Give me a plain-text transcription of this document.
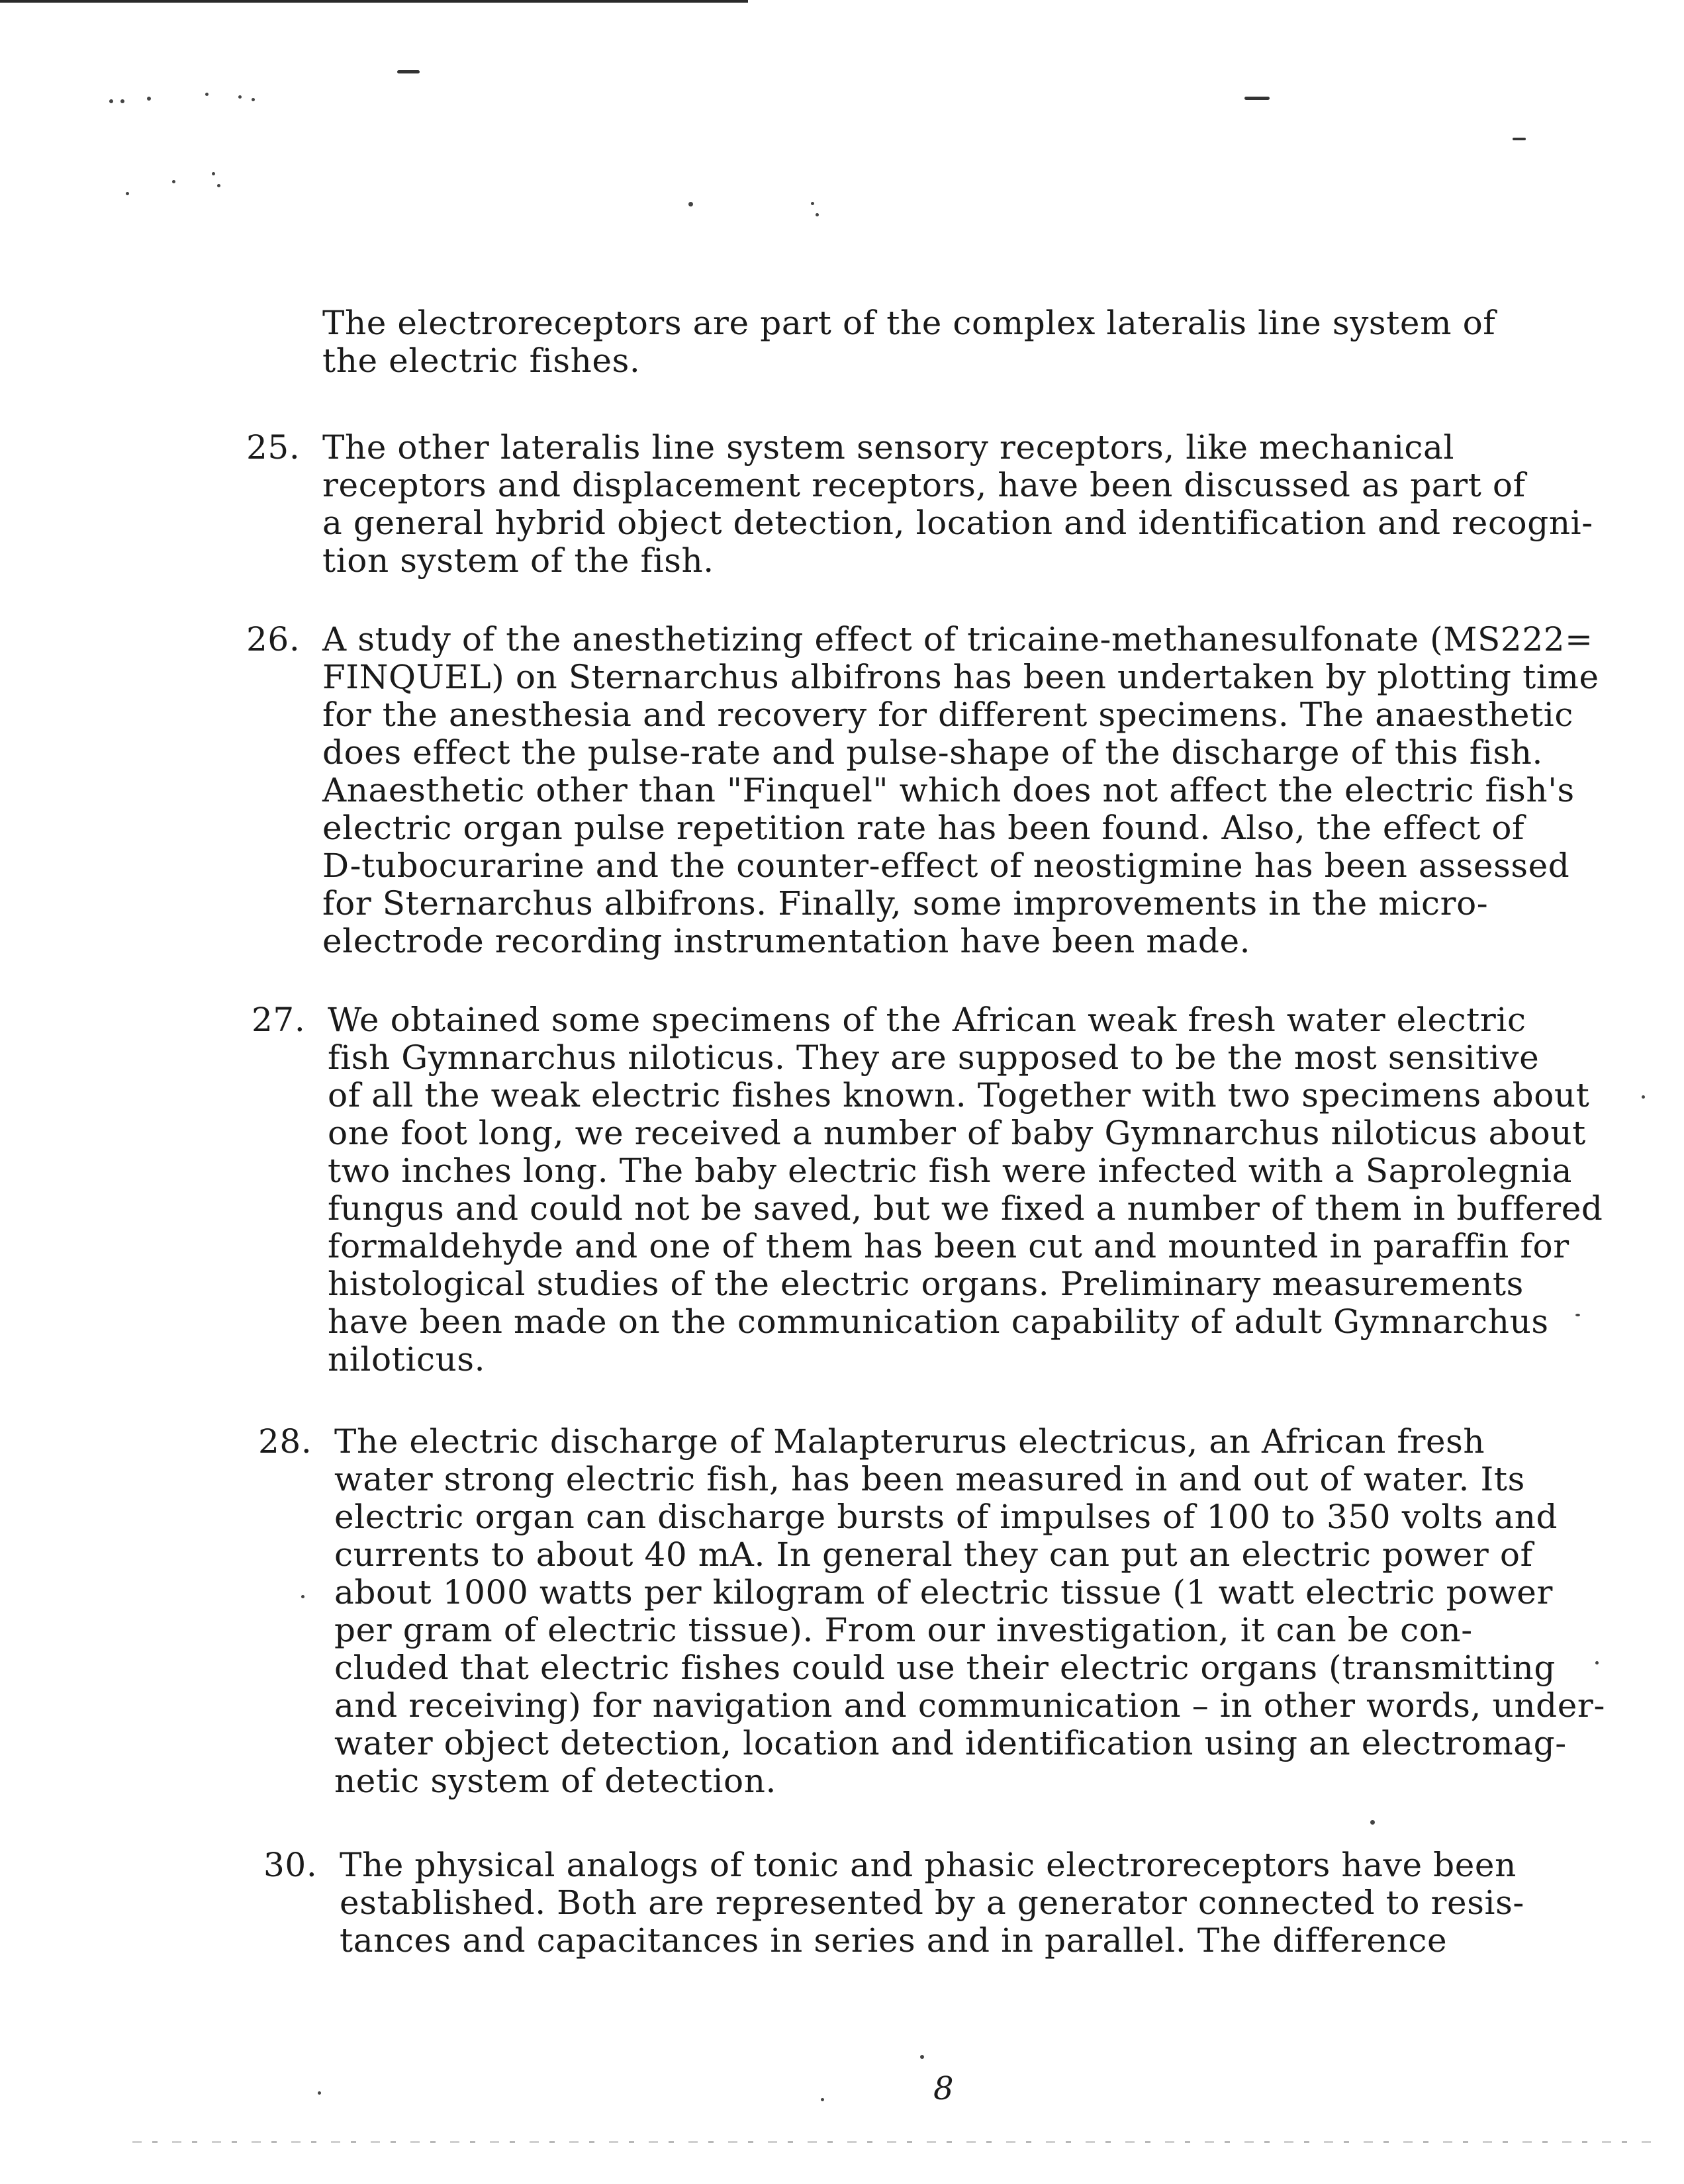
The electroreceptors are part of the complex lateralis line system of
the electric fishes.
25. The other lateralis line system sensory receptors, like mechanical
receptors and displacement receptors, have been discussed as part of
a general hybrid object detection, location and identification and recogni-
tion system of the fish.
26. A study of the anesthetizing effect of tricaine-methanesulfonate (MS222=
FINQUEL) on Sternarchus albifrons has been undertaken by plotting time
for the anesthesia and recovery for different specimens. The anaesthetic
does effect the pulse-rate and pulse-shape of the discharge of this fish.
Anaesthetic other than "Finquel" which does not affect the electric fish's
electric organ pulse repetition rate has been found. Also, the effect of
D-tubocurarine and the counter-effect of neostigmine has been assessed
for Sternarchus albifrons. Finally, some improvements in the micro-
electrode recording instrumentation have been made.
27. We obtained some specimens of the African weak fresh water electric
fish Gymnarchus niloticus. They are supposed to be the most sensitive
of all the weak electric fishes known. Together with two specimens about
one foot long, we received a number of baby Gymnarchus niloticus about
two inches long. The baby electric fish were infected with a Saprolegnia
fungus and could not be saved, but we fixed a number of them in buffered
formaldehyde and one of them has been cut and mounted in paraffin for
histological studies of the electric organs. Preliminary measurements
have been made on the communication capability of adult Gymnarchus
niloticus.
28. The electric discharge of Malapterurus electricus, an African fresh
water strong electric fish, has been measured in and out of water. Its
electric organ can discharge bursts of impulses of 100 to 350 volts and
currents to about 40 mA. In general they can put an electric power of
about 1000 watts per kilogram of electric tissue (1 watt electric power
per gram of electric tissue). From our investigation, it can be con-
cluded that electric fishes could use their electric organs (transmitting
and receiving) for navigation and communication – in other words, under-
water object detection, location and identification using an electromag-
netic system of detection.
30. The physical analogs of tonic and phasic electroreceptors have been
established. Both are represented by a generator connected to resis-
tances and capacitances in series and in parallel. The difference
8
